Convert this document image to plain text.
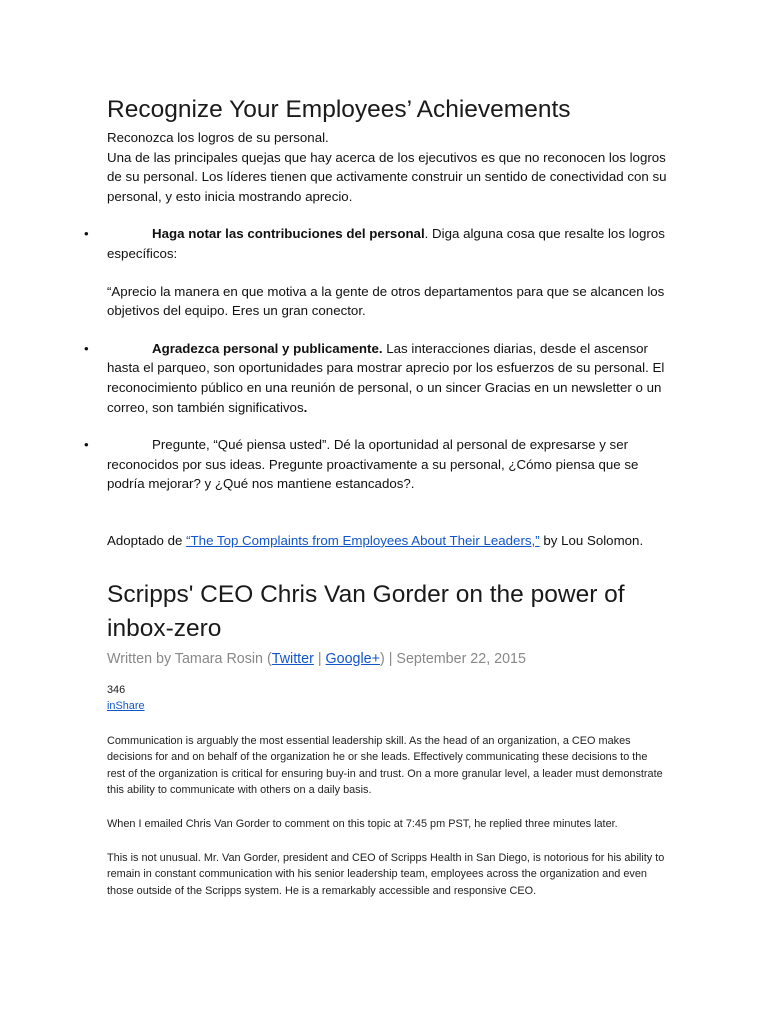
Recognize Your Employees’ Achievements

Reconozca los logros de su personal.

Una de las principales quejas que hay acerca de los ejecutivos es que no reconocen los logros de su personal. Los líderes tienen que activamente construir un sentido de conectividad con su personal, y esto inicia mostrando aprecio.

•	Haga notar las contribuciones del personal. Diga alguna cosa que resalte los logros específicos:

“Aprecio la manera en que motiva a la gente de otros departamentos para que se alcancen los objetivos del equipo. Eres un gran conector.

•	Agradezca personal y publicamente. Las interacciones diarias, desde el ascensor hasta el parqueo, son oportunidades para mostrar aprecio por los esfuerzos de su personal. El reconocimiento público en una reunión de personal, o un sincer Gracias en un newsletter o un correo, son también significativos.
•	Pregunte, “Qué piensa usted”. Dé la oportunidad al personal de expresarse y ser reconocidos por sus ideas. Pregunte proactivamente a su personal, ¿Cómo piensa que se podría mejorar? y ¿Qué nos mantiene estancados?.

Adoptado de “The Top Complaints from Employees About Their Leaders,” by Lou Solomon.

Scripps' CEO Chris Van Gorder on the power of inbox-zero
Written by Tamara Rosin (Twitter | Google+) | September 22, 2015

346

inShare

Communication is arguably the most essential leadership skill. As the head of an organization, a CEO makes decisions for and on behalf of the organization he or she leads. Effectively communicating these decisions to the rest of the organization is critical for ensuring buy-in and trust. On a more granular level, a leader must demonstrate this ability to communicate with others on a daily basis.

When I emailed Chris Van Gorder to comment on this topic at 7:45 pm PST, he replied three minutes later.

This is not unusual. Mr. Van Gorder, president and CEO of Scripps Health in San Diego, is notorious for his ability to remain in constant communication with his senior leadership team, employees across the organization and even those outside of the Scripps system. He is a remarkably accessible and responsive CEO.
